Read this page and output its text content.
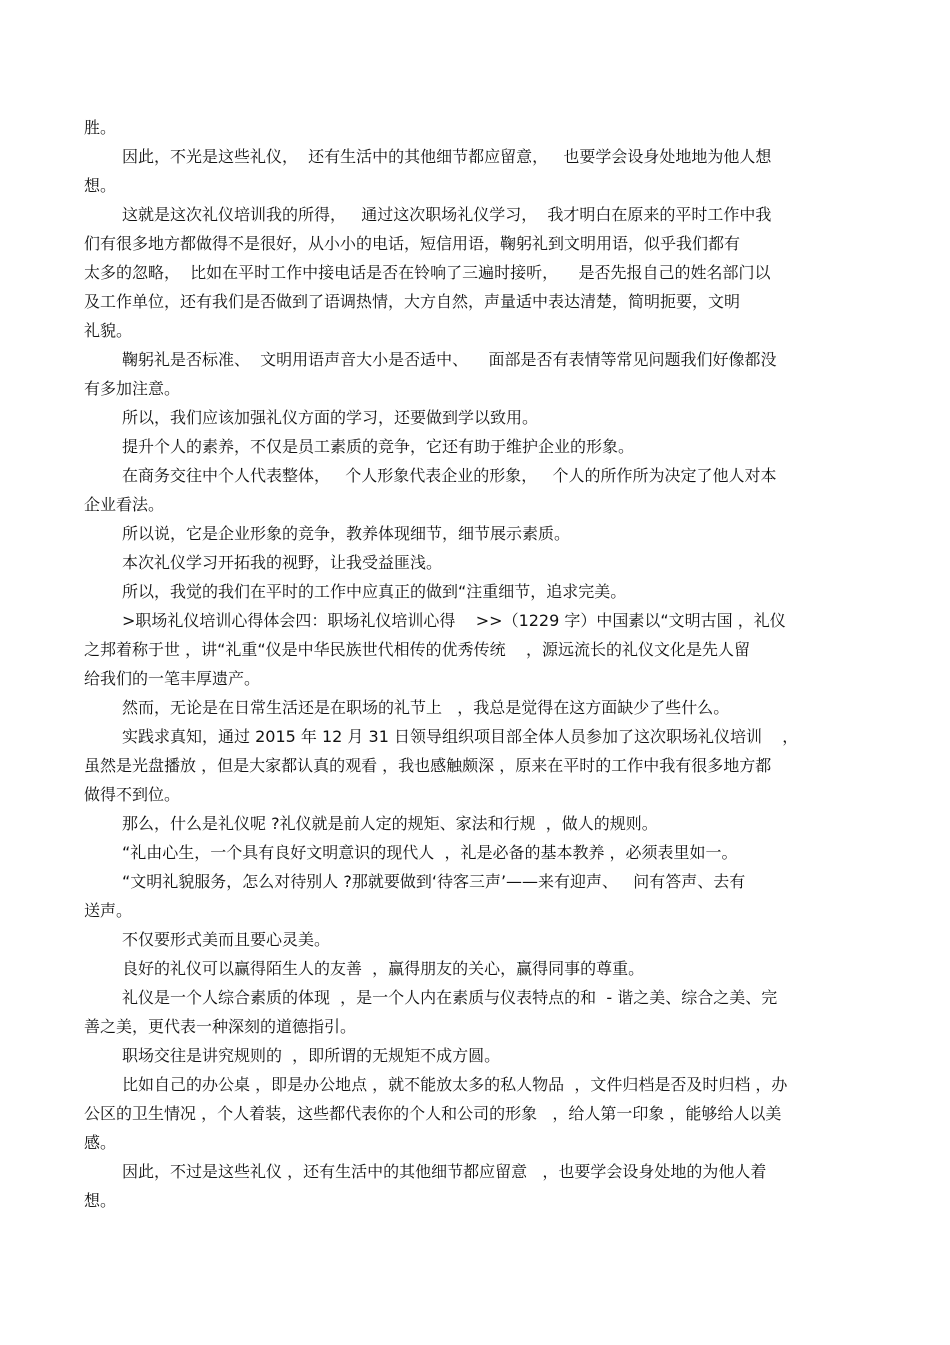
胜。
因此，不光是这些礼仪，  还有生活中的其他细节都应留意，   也要学会设身处地地为他人想
想。
这就是这次礼仪培训我的所得，   通过这次职场礼仪学习，  我才明白在原来的平时工作中我
们有很多地方都做得不是很好，从小小的电话，短信用语，鞠躬礼到文明用语，似乎我们都有
太多的忽略，  比如在平时工作中接电话是否在铃响了三遍时接听，    是否先报自己的姓名部门以
及工作单位，还有我们是否做到了语调热情，大方自然，声量适中表达清楚，简明扼要，文明
礼貌。
鞠躬礼是否标准、  文明用语声音大小是否适中、    面部是否有表情等常见问题我们好像都没
有多加注意。
所以，我们应该加强礼仪方面的学习，还要做到学以致用。
提升个人的素养，不仅是员工素质的竞争，它还有助于维护企业的形象。
在商务交往中个人代表整体，   个人形象代表企业的形象，   个人的所作所为决定了他人对本
企业看法。
所以说，它是企业形象的竞争，教养体现细节，细节展示素质。
本次礼仪学习开拓我的视野，让我受益匪浅。
所以，我觉的我们在平时的工作中应真正的做到“注重细节，追求完美。
>职场礼仪培训心得体会四：职场礼仪培训心得    >>（1229 字）中国素以“文明古国 ，礼仪
之邦着称于世 ，讲“礼重“仪是中华民族世代相传的优秀传统    ，源远流长的礼仪文化是先人留
给我们的一笔丰厚遗产。
然而，无论是在日常生活还是在职场的礼节上   ，我总是觉得在这方面缺少了些什么。
实践求真知，通过 2015 年 12 月 31 日领导组织项目部全体人员参加了这次职场礼仪培训    ，
虽然是光盘播放 ，但是大家都认真的观看 ，我也感触颇深 ，原来在平时的工作中我有很多地方都
做得不到位。
那么，什么是礼仪呢 ?礼仪就是前人定的规矩、家法和行规  ，做人的规则。
“礼由心生，一个具有良好文明意识的现代人  ，礼是必备的基本教养 ，必须表里如一。
“文明礼貌服务，怎么对待别人 ?那就要做到‘待客三声’——来有迎声、   问有答声、去有
送声。
不仅要形式美而且要心灵美。
良好的礼仪可以赢得陌生人的友善  ，赢得朋友的关心，赢得同事的尊重。
礼仪是一个人综合素质的体现  ，是一个人内在素质与仪表特点的和  - 谐之美、综合之美、完
善之美，更代表一种深刻的道德指引。
职场交往是讲究规则的  ，即所谓的无规矩不成方圆。
比如自己的办公桌 ，即是办公地点 ，就不能放太多的私人物品  ，文件归档是否及时归档 ，办
公区的卫生情况 ，个人着装，这些都代表你的个人和公司的形象   ，给人第一印象 ，能够给人以美
感。
因此，不过是这些礼仪 ，还有生活中的其他细节都应留意   ，也要学会设身处地的为他人着
想。
